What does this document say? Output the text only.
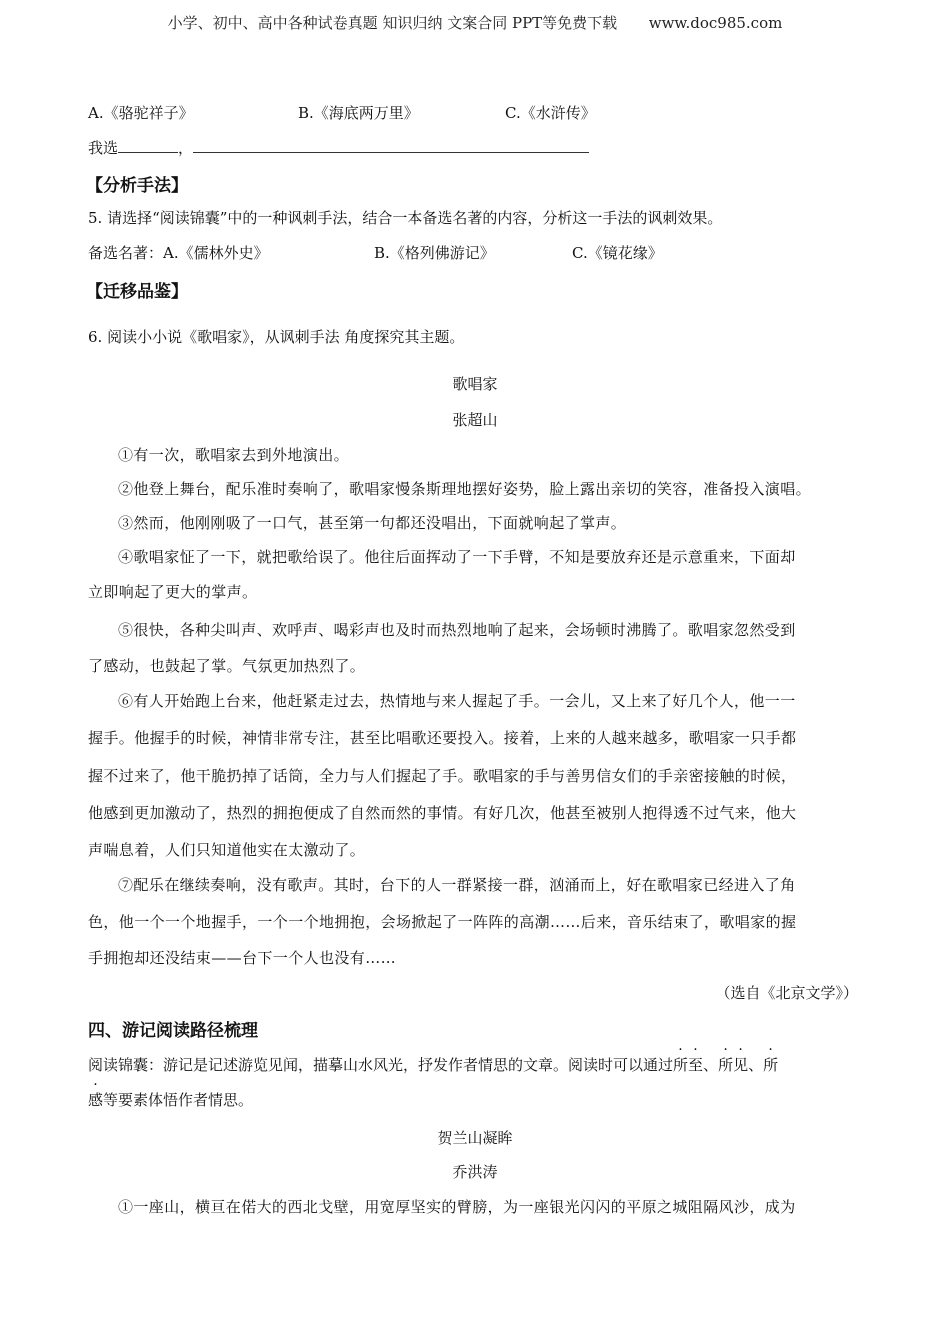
小学、初中、高中各种试卷真题 知识归纳 文案合同 PPT等免费下载 www.doc985.com
A.《骆驼祥子》	B.《海底两万里》	C.《水浒传》
我选	，
【分析手法】
5. 请选择“阅读锦囊”中的一种讽刺手法，结合一本备选名著的内容，分析这一手法的讽刺效果。
备选名著：A.《儒林外史》	B.《格列佛游记》	C.《镜花缘》
【迁移品鉴】
6. 阅读小小说《歌唱家》，从讽刺手法 角度探究其主题。
歌唱家
张超山
①有一次，歌唱家去到外地演出。
②他登上舞台，配乐准时奏响了，歌唱家慢条斯理地摆好姿势，脸上露出亲切的笑容，准备投入演唱。
③然而，他刚刚吸了一口气，甚至第一句都还没唱出，下面就响起了掌声。
④歌唱家怔了一下，就把歌给误了。他往后面挥动了一下手臂，不知是要放弃还是示意重来，下面却
立即响起了更大的掌声。
⑤很快，各种尖叫声、欢呼声、喝彩声也及时而热烈地响了起来，会场顿时沸腾了。歌唱家忽然受到
了感动，也鼓起了掌。气氛更加热烈了。
⑥有人开始跑上台来，他赶紧走过去，热情地与来人握起了手。一会儿，又上来了好几个人，他一一
握手。他握手的时候，神情非常专注，甚至比唱歌还要投入。接着，上来的人越来越多，歌唱家一只手都
握不过来了，他干脆扔掉了话筒，全力与人们握起了手。歌唱家的手与善男信女们的手亲密接触的时候，
他感到更加激动了，热烈的拥抱便成了自然而然的事情。有好几次，他甚至被别人抱得透不过气来，他大
声喘息着，人们只知道他实在太激动了。
⑦配乐在继续奏响，没有歌声。其时，台下的人一群紧接一群，汹涌而上，好在歌唱家已经进入了角
色，他一个一个地握手，一个一个地拥抱，会场掀起了一阵阵的高潮……后来，音乐结束了，歌唱家的握
手拥抱却还没结束——台下一个人也没有……
（选自《北京文学》）
四、游记阅读路径梳理
阅读锦囊：游记是记述游览见闻，描摹山水风光，抒发作者情思的文章。阅读时可以通过所至、所见、所
感等要素体悟作者情思。
贺兰山凝眸
乔洪涛
①一座山，横亘在偌大的西北戈壁，用宽厚坚实的臂膀，为一座银光闪闪的平原之城阻隔风沙，成为
